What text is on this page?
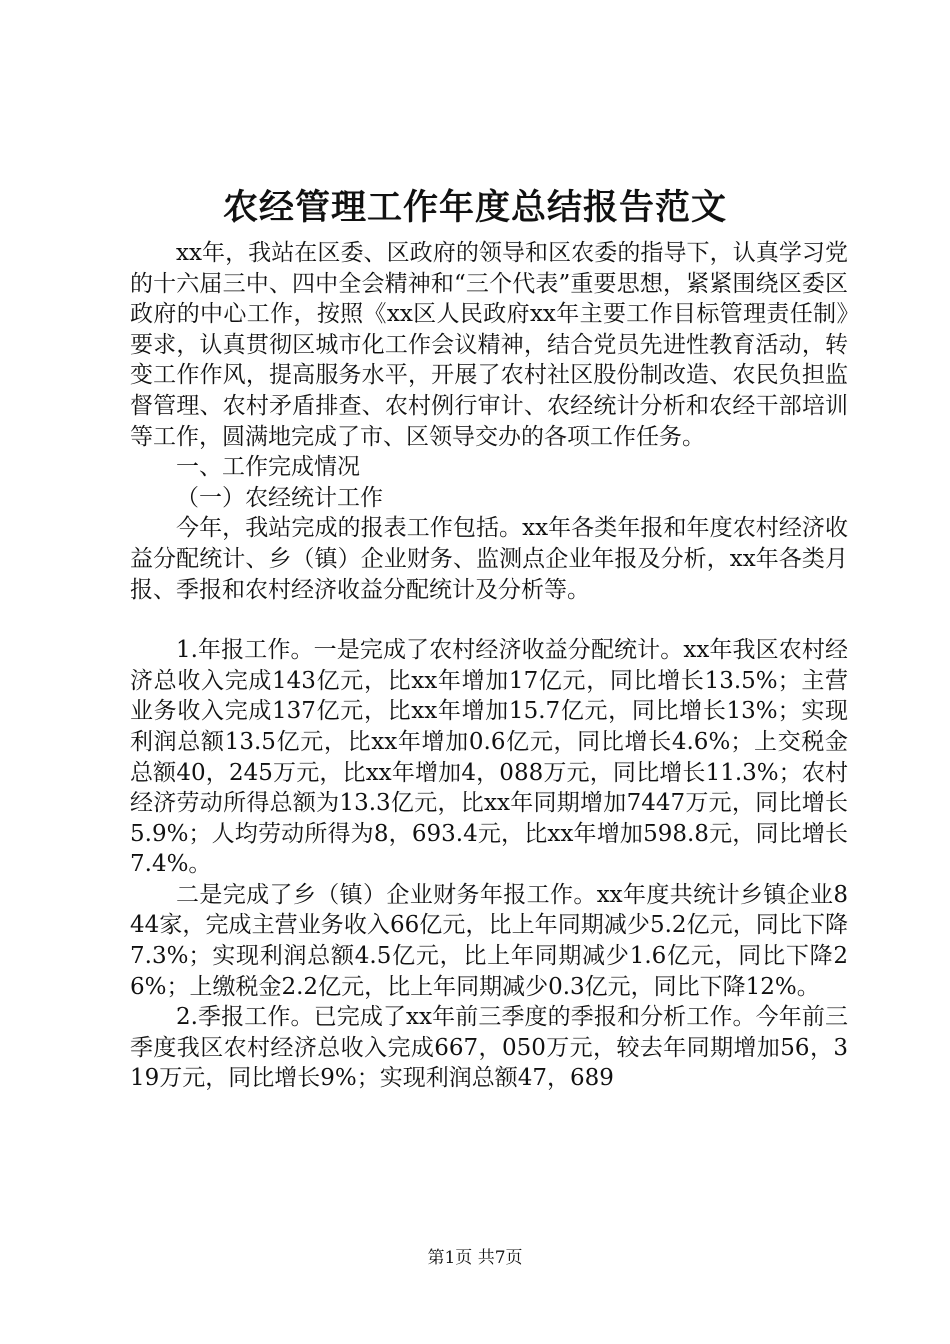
农经管理工作年度总结报告范文

xx年，我站在区委、区政府的领导和区农委的指导下，认真学习党的十六届三中、四中全会精神和“三个代表”重要思想，紧紧围绕区委区政府的中心工作，按照《xx区人民政府xx年主要工作目标管理责任制》要求，认真贯彻区城市化工作会议精神，结合党员先进性教育活动，转变工作作风，提高服务水平，开展了农村社区股份制改造、农民负担监督管理、农村矛盾排查、农村例行审计、农经统计分析和农经干部培训等工作，圆满地完成了市、区领导交办的各项工作任务。

一、工作完成情况

（一）农经统计工作

今年，我站完成的报表工作包括。xx年各类年报和年度农村经济收益分配统计、乡（镇）企业财务、监测点企业年报及分析，xx年各类月报、季报和农村经济收益分配统计及分析等。

1.年报工作。一是完成了农村经济收益分配统计。xx年我区农村经济总收入完成143亿元，比xx年增加17亿元，同比增长13.5%；主营业务收入完成137亿元，比xx年增加15.7亿元，同比增长13%；实现利润总额13.5亿元，比xx年增加0.6亿元，同比增长4.6%；上交税金总额40，245万元，比xx年增加4，088万元，同比增长11.3%；农村经济劳动所得总额为13.3亿元，比xx年同期增加7447万元，同比增长5.9%；人均劳动所得为8，693.4元，比xx年增加598.8元，同比增长7.4%。

二是完成了乡（镇）企业财务年报工作。xx年度共统计乡镇企业844家，完成主营业务收入66亿元，比上年同期减少5.2亿元，同比下降7.3%；实现利润总额4.5亿元，比上年同期减少1.6亿元，同比下降26%；上缴税金2.2亿元，比上年同期减少0.3亿元，同比下降12%。

2.季报工作。已完成了xx年前三季度的季报和分析工作。今年前三季度我区农村经济总收入完成667，050万元，较去年同期增加56，319万元，同比增长9%；实现利润总额47，689

第1页 共7页
